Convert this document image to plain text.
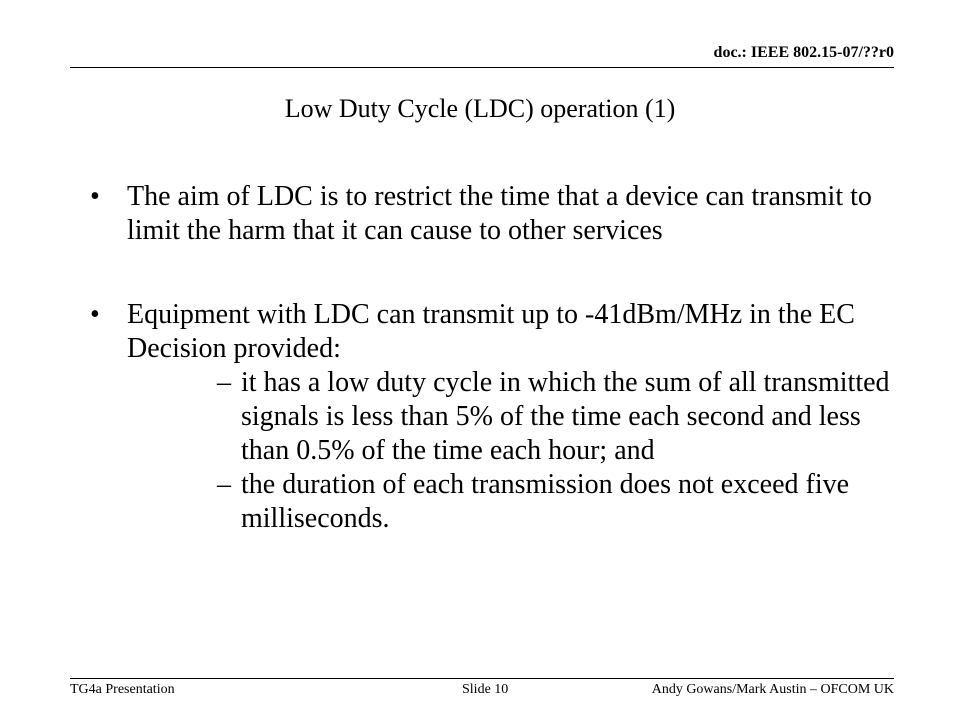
doc.: IEEE 802.15-07/??r0
Low Duty Cycle (LDC) operation (1)
• The aim of LDC is to restrict the time that a device can transmit to limit the harm that it can cause to other services
• Equipment with LDC can transmit up to -41dBm/MHz in the EC Decision provided:
– it has a low duty cycle in which the sum of all transmitted signals is less than 5% of the time each second and less than 0.5% of the time each hour; and
– the duration of each transmission does not exceed five milliseconds.
TG4a Presentation	Slide 10	Andy Gowans/Mark Austin – OFCOM UK
